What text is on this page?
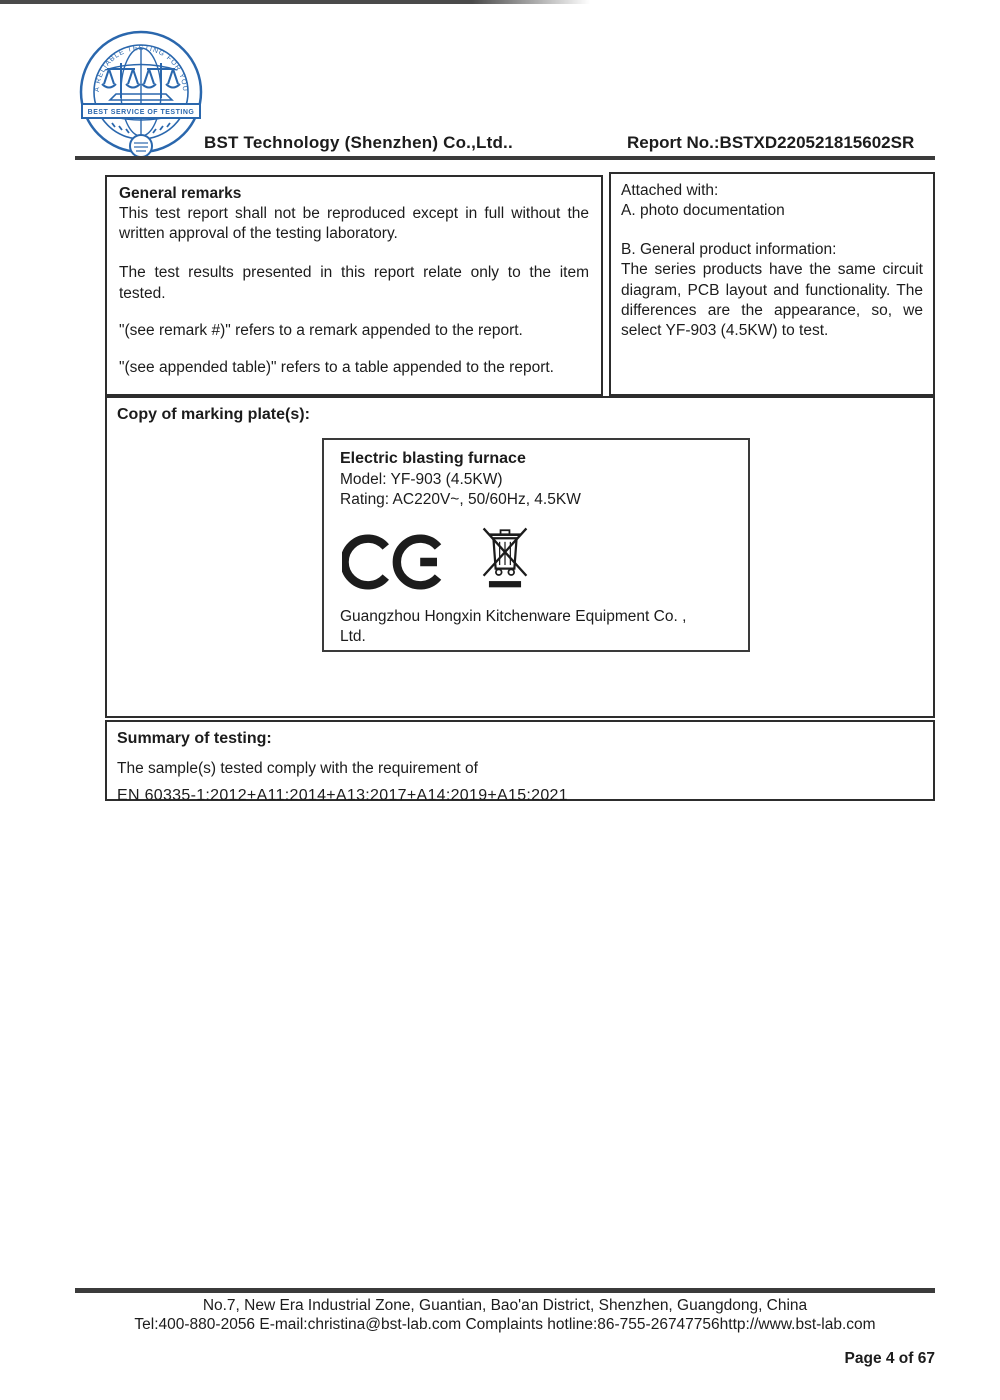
A RELIABLE TESTING FOR YOU
BEST SERVICE OF TESTING
BST Technology (Shenzhen) Co.,Ltd..	Report No.:BSTXD220521815602SR
General remarks
This test report shall not be reproduced except in full without the written approval of the testing laboratory.
The test results presented in this report relate only to the item tested.
"(see remark #)" refers to a remark appended to the report.
"(see appended table)" refers to a table appended to the report.
Attached with:
A. photo documentation
B. General product information:
The series products have the same circuit diagram, PCB layout and functionality. The differences are the appearance, so, we select YF-903 (4.5KW) to test.
Copy of marking plate(s):
Electric blasting furnace
Model: YF-903 (4.5KW)
Rating: AC220V~, 50/60Hz, 4.5KW
Guangzhou Hongxin Kitchenware Equipment Co. , Ltd.
Summary of testing:
The sample(s) tested comply with the requirement of
EN 60335-1:2012+A11:2014+A13:2017+A14:2019+A15:2021
No.7, New Era Industrial Zone, Guantian, Bao'an District, Shenzhen, Guangdong, China
Tel:400-880-2056 E-mail:christina@bst-lab.com Complaints hotline:86-755-26747756http://www.bst-lab.com
Page 4 of 67
